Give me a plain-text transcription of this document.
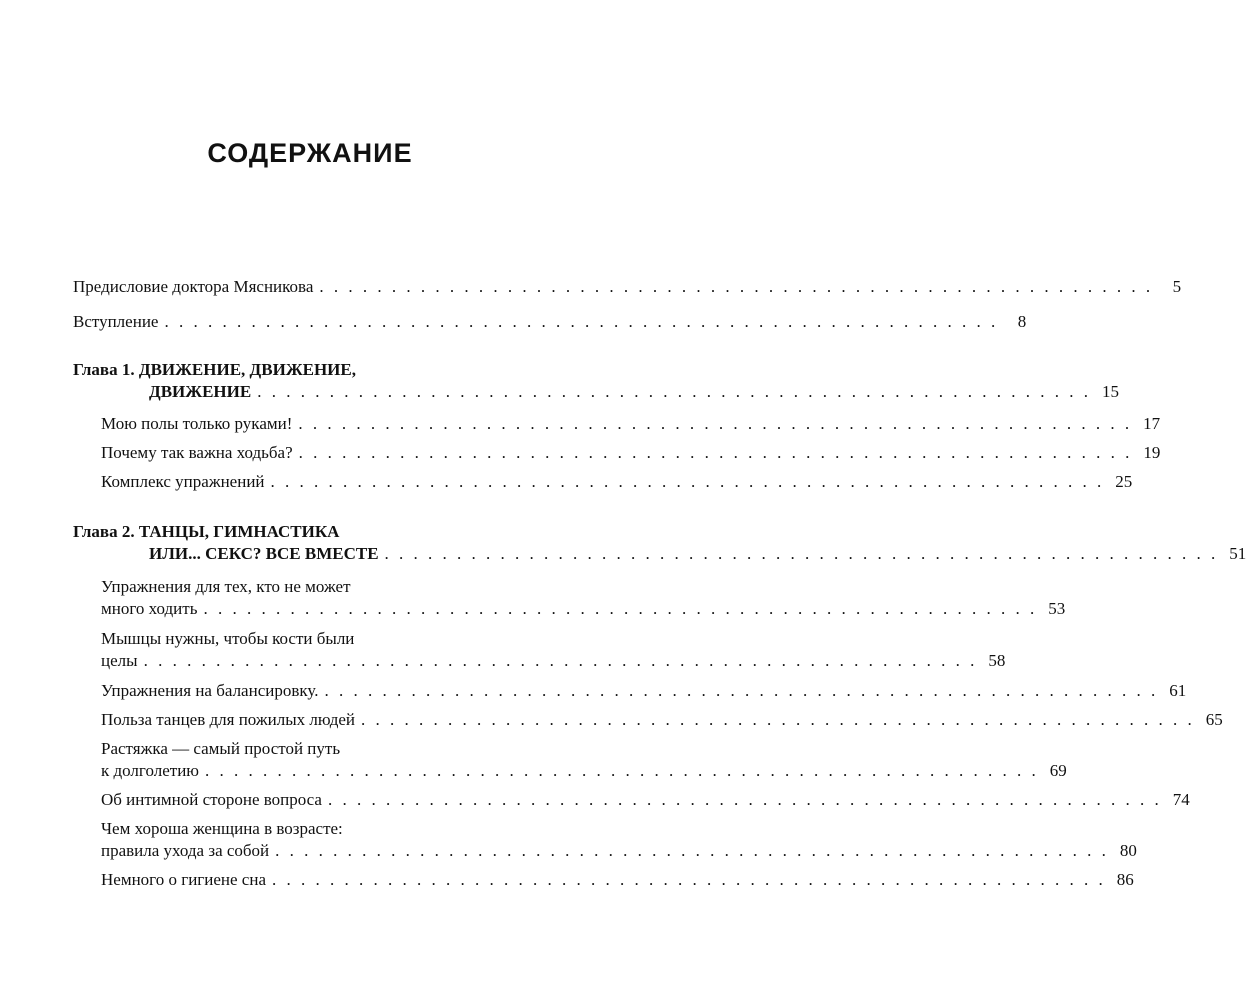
СОДЕРЖАНИЕ
Предисловие доктора Мясникова . . . . . . . . . . . . . . . . . . . . . . . . . . . . . . . . . . . . . . . . . . . . . . . . . . . . . . . . . .	5
Вступление . . . . . . . . . . . . . . . . . . . . . . . . . . . . . . . . . . . . . . . . . . . . . . . . . . . . . . . . . .	8
Глава 1. ДВИЖЕНИЕ, ДВИЖЕНИЕ,
ДВИЖЕНИЕ . . . . . . . . . . . . . . . . . . . . . . . . . . . . . . . . . . . . . . . . . . . . . . . . . . . . . . . . . . 15
Мою полы только руками! . . . . . . . . . . . . . . . . . . . . . . . . . . . . . . . . . . . . . . . . . . . . . . . . . . . . . . . . . . 17
Почему так важна ходьба? . . . . . . . . . . . . . . . . . . . . . . . . . . . . . . . . . . . . . . . . . . . . . . . . . . . . . . . . . . 19
Комплекс упражнений . . . . . . . . . . . . . . . . . . . . . . . . . . . . . . . . . . . . . . . . . . . . . . . . . . . . . . . . . . 25
Глава 2. ТАНЦЫ, ГИМНАСТИКА
ИЛИ... СЕКС? ВСЕ ВМЕСТЕ . . . . . . . . . . . . . . . . . . . . . . . . . . . . . . . . . . . . . . . . . . . . . . . . . . . . . . . . . . 51
Упражнения для тех, кто не может
много ходить . . . . . . . . . . . . . . . . . . . . . . . . . . . . . . . . . . . . . . . . . . . . . . . . . . . . . . . . . . 53
Мышцы нужны, чтобы кости были
целы . . . . . . . . . . . . . . . . . . . . . . . . . . . . . . . . . . . . . . . . . . . . . . . . . . . . . . . . . . 58
Упражнения на балансировку. . . . . . . . . . . . . . . . . . . . . . . . . . . . . . . . . . . . . . . . . . . . . . . . . . . . . . . . . . . 61
Польза танцев для пожилых людей . . . . . . . . . . . . . . . . . . . . . . . . . . . . . . . . . . . . . . . . . . . . . . . . . . . . . . . . . . 65
Растяжка — самый простой путь
к долголетию . . . . . . . . . . . . . . . . . . . . . . . . . . . . . . . . . . . . . . . . . . . . . . . . . . . . . . . . . . 69
Об интимной стороне вопроса . . . . . . . . . . . . . . . . . . . . . . . . . . . . . . . . . . . . . . . . . . . . . . . . . . . . . . . . . . 74
Чем хороша женщина в возрасте:
правила ухода за собой . . . . . . . . . . . . . . . . . . . . . . . . . . . . . . . . . . . . . . . . . . . . . . . . . . . . . . . . . . 80
Немного о гигиене сна . . . . . . . . . . . . . . . . . . . . . . . . . . . . . . . . . . . . . . . . . . . . . . . . . . . . . . . . . . 86
